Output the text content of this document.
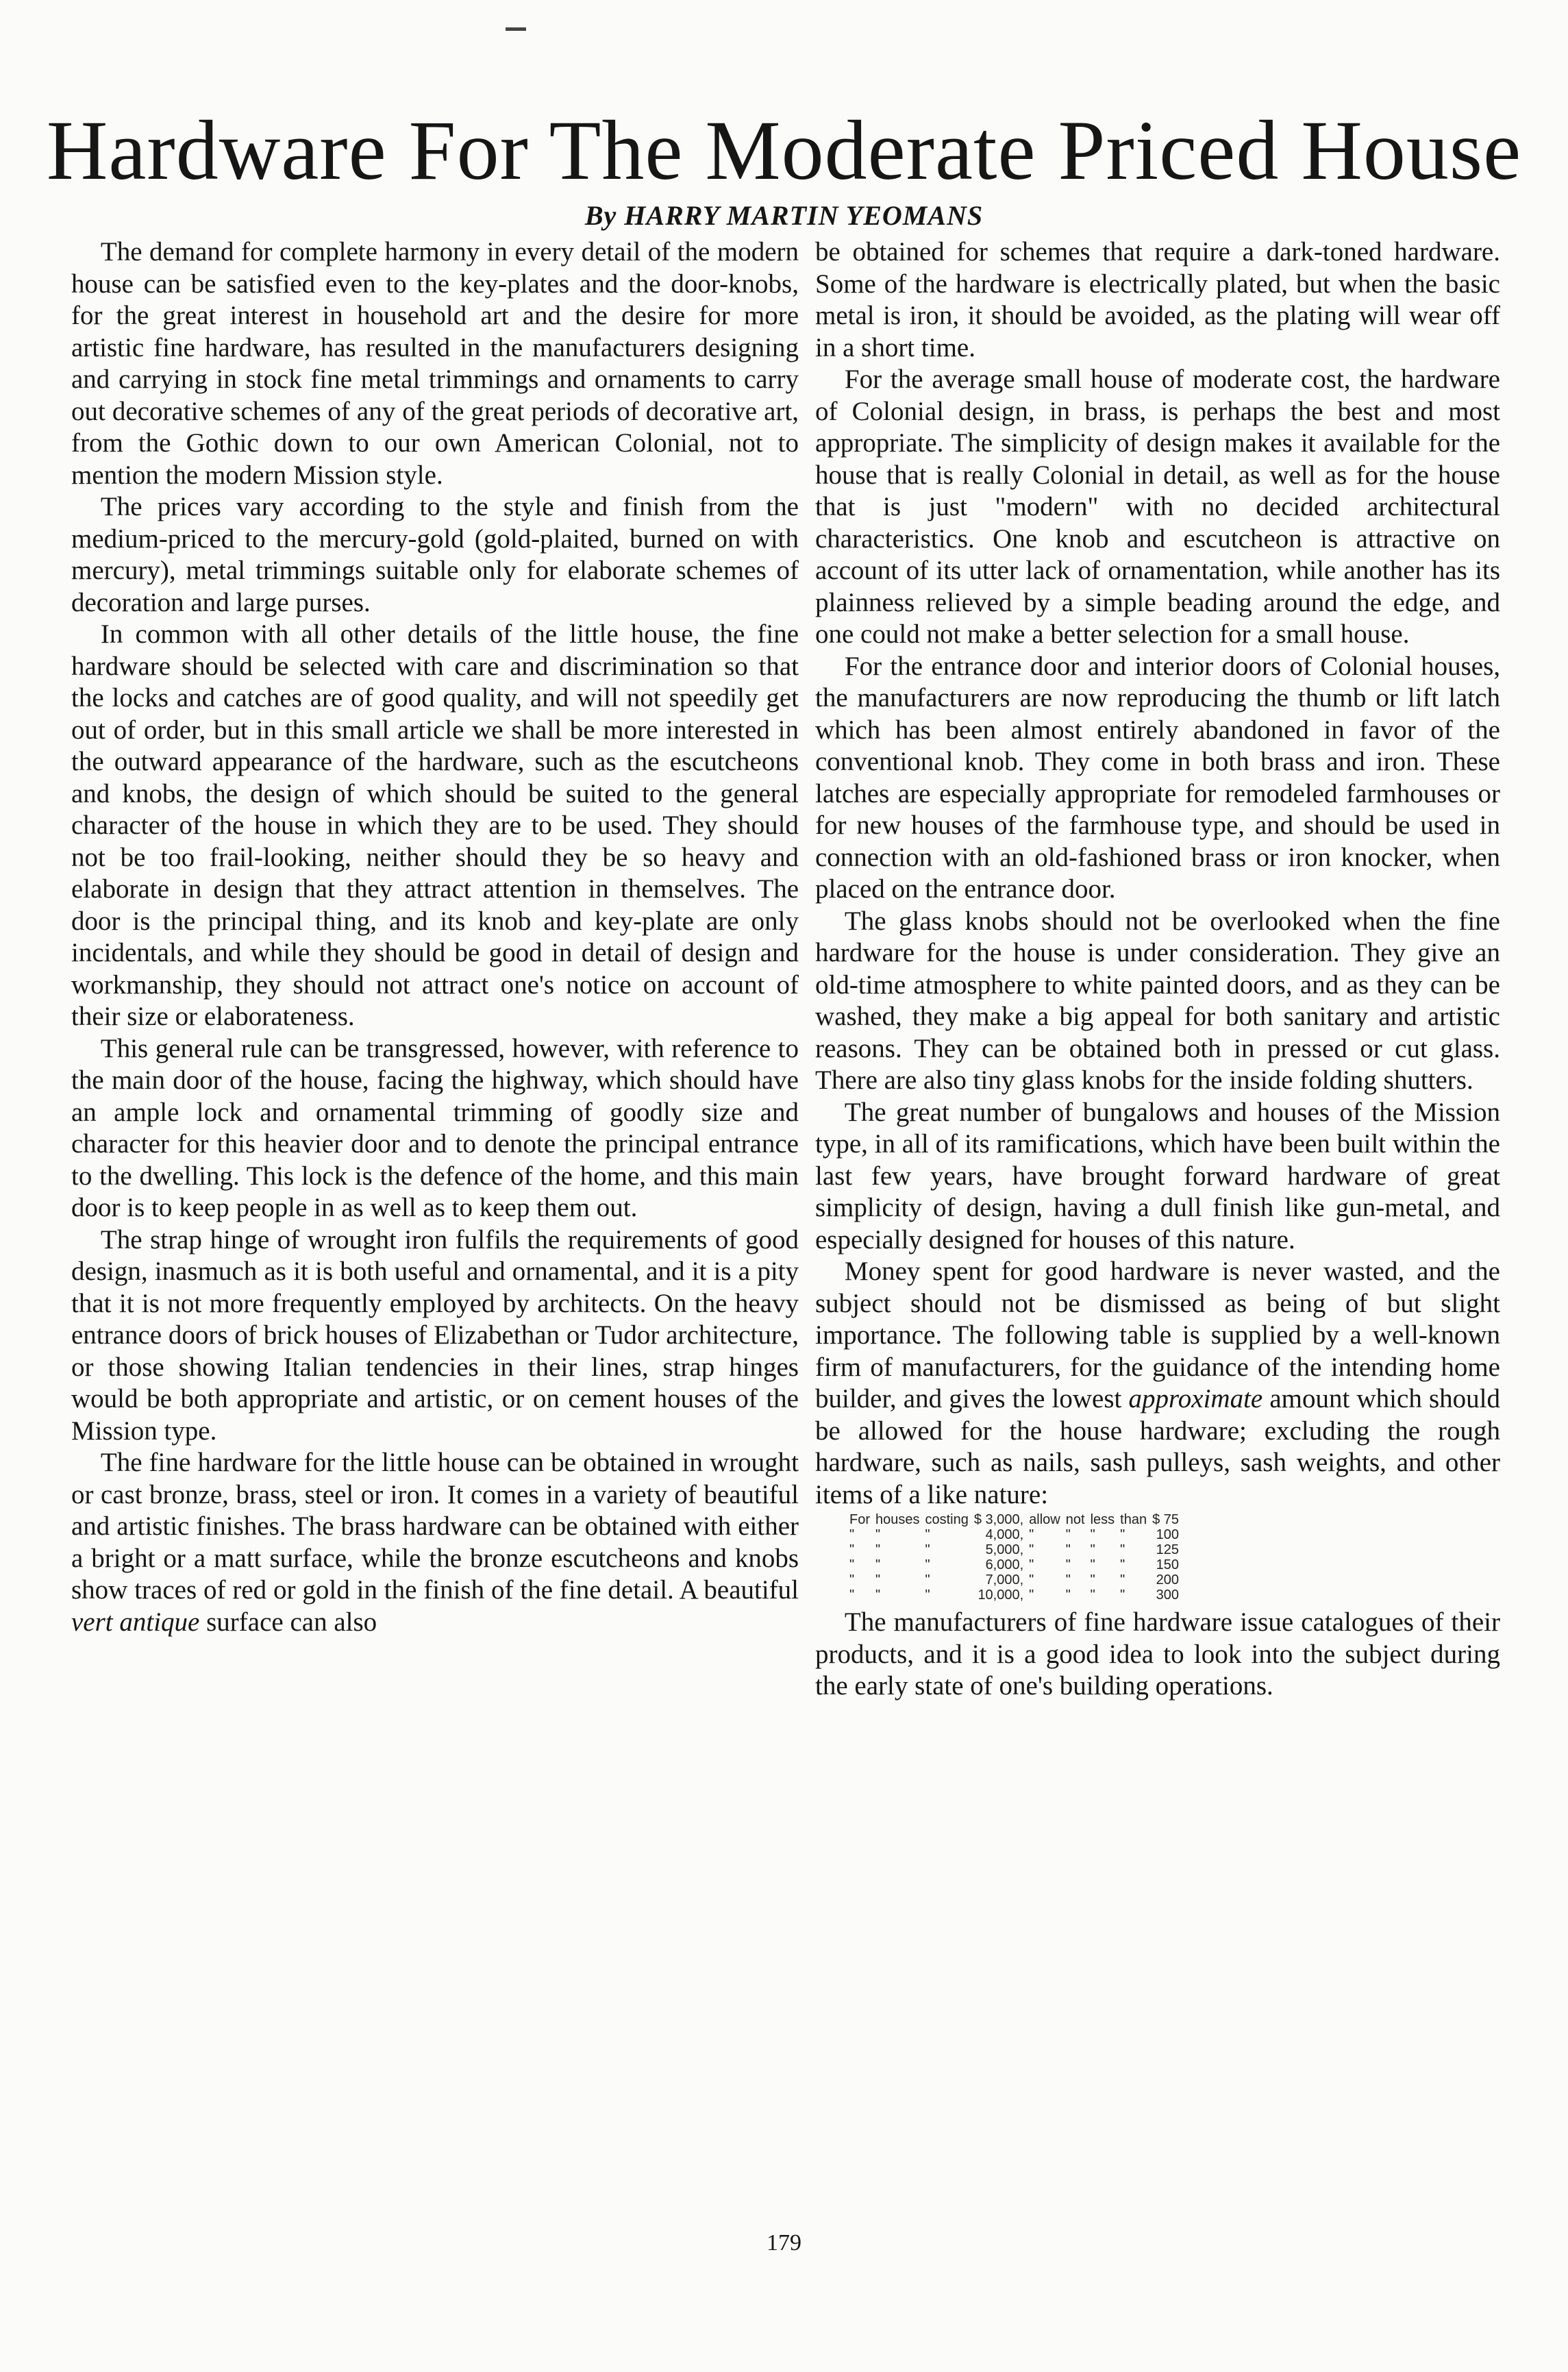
Hardware For The Moderate Priced House

By HARRY MARTIN YEOMANS

The demand for complete harmony in every detail of the modern house can be satisfied even to the key-plates and the door-knobs, for the great interest in household art and the desire for more artistic fine hardware, has resulted in the manufacturers designing and carrying in stock fine metal trimmings and ornaments to carry out decorative schemes of any of the great periods of decorative art, from the Gothic down to our own American Colonial, not to mention the modern Mission style.

The prices vary according to the style and finish from the medium-priced to the mercury-gold (gold-plaited, burned on with mercury), metal trimmings suitable only for elaborate schemes of decoration and large purses.

In common with all other details of the little house, the fine hardware should be selected with care and discrimination so that the locks and catches are of good quality, and will not speedily get out of order, but in this small article we shall be more interested in the outward appearance of the hardware, such as the escutcheons and knobs, the design of which should be suited to the general character of the house in which they are to be used. They should not be too frail-looking, neither should they be so heavy and elaborate in design that they attract attention in themselves. The door is the principal thing, and its knob and key-plate are only incidentals, and while they should be good in detail of design and workmanship, they should not attract one's notice on account of their size or elaborateness.

This general rule can be transgressed, however, with reference to the main door of the house, facing the highway, which should have an ample lock and ornamental trimming of goodly size and character for this heavier door and to denote the principal entrance to the dwelling. This lock is the defence of the home, and this main door is to keep people in as well as to keep them out.

The strap hinge of wrought iron fulfils the requirements of good design, inasmuch as it is both useful and ornamental, and it is a pity that it is not more frequently employed by architects. On the heavy entrance doors of brick houses of Elizabethan or Tudor architecture, or those showing Italian tendencies in their lines, strap hinges would be both appropriate and artistic, or on cement houses of the Mission type.

The fine hardware for the little house can be obtained in wrought or cast bronze, brass, steel or iron. It comes in a variety of beautiful and artistic finishes. The brass hardware can be obtained with either a bright or a matt surface, while the bronze escutcheons and knobs show traces of red or gold in the finish of the fine detail. A beautiful vert antique surface can also

be obtained for schemes that require a dark-toned hardware. Some of the hardware is electrically plated, but when the basic metal is iron, it should be avoided, as the plating will wear off in a short time.

For the average small house of moderate cost, the hardware of Colonial design, in brass, is perhaps the best and most appropriate. The simplicity of design makes it available for the house that is really Colonial in detail, as well as for the house that is just "modern" with no decided architectural characteristics. One knob and escutcheon is attractive on account of its utter lack of ornamentation, while another has its plainness relieved by a simple beading around the edge, and one could not make a better selection for a small house.

For the entrance door and interior doors of Colonial houses, the manufacturers are now reproducing the thumb or lift latch which has been almost entirely abandoned in favor of the conventional knob. They come in both brass and iron. These latches are especially appropriate for remodeled farmhouses or for new houses of the farmhouse type, and should be used in connection with an old-fashioned brass or iron knocker, when placed on the entrance door.

The glass knobs should not be overlooked when the fine hardware for the house is under consideration. They give an old-time atmosphere to white painted doors, and as they can be washed, they make a big appeal for both sanitary and artistic reasons. They can be obtained both in pressed or cut glass. There are also tiny glass knobs for the inside folding shutters.

The great number of bungalows and houses of the Mission type, in all of its ramifications, which have been built within the last few years, have brought forward hardware of great simplicity of design, having a dull finish like gun-metal, and especially designed for houses of this nature.

Money spent for good hardware is never wasted, and the subject should not be dismissed as being of but slight importance. The following table is supplied by a well-known firm of manufacturers, for the guidance of the intending home builder, and gives the lowest approximate amount which should be allowed for the house hardware; excluding the rough hardware, such as nails, sash pulleys, sash weights, and other items of a like nature:

For	houses	costing	$ 3,000,	allow	not	less	than	$ 75
"	"	"	4,000,	"	"	"	"	100
"	"	"	5,000,	"	"	"	"	125
"	"	"	6,000,	"	"	"	"	150
"	"	"	7,000,	"	"	"	"	200
"	"	"	10,000,	"	"	"	"	300

The manufacturers of fine hardware issue catalogues of their products, and it is a good idea to look into the subject during the early state of one's building operations.

179
